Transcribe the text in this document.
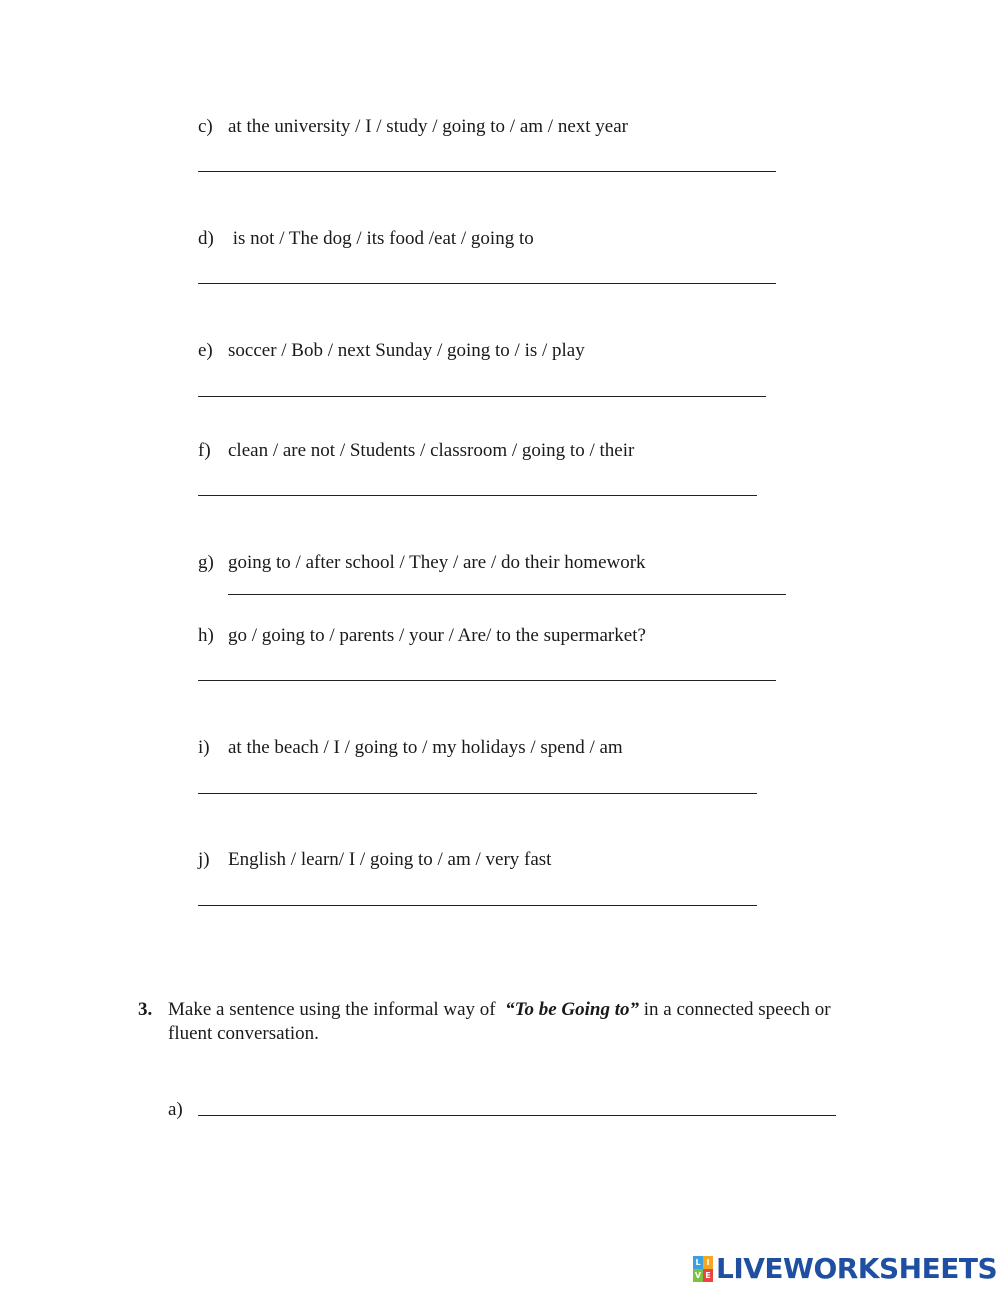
c) at the university / I / study / going to / am / next year
d) is not / The dog / its food /eat / going to
e) soccer / Bob / next Sunday / going to / is / play
f) clean / are not / Students / classroom / going to / their
g) going to / after school / They / are / do their homework
h) go / going to / parents / your / Are/ to the supermarket?
i) at the beach / I / going to / my holidays / spend / am
j) English / learn/ I / going to / am / very fast
3. Make a sentence using the informal way of  “To be Going to” in a connected speech or fluent conversation.
a)
L I
V E LIVEWORKSHEETS
